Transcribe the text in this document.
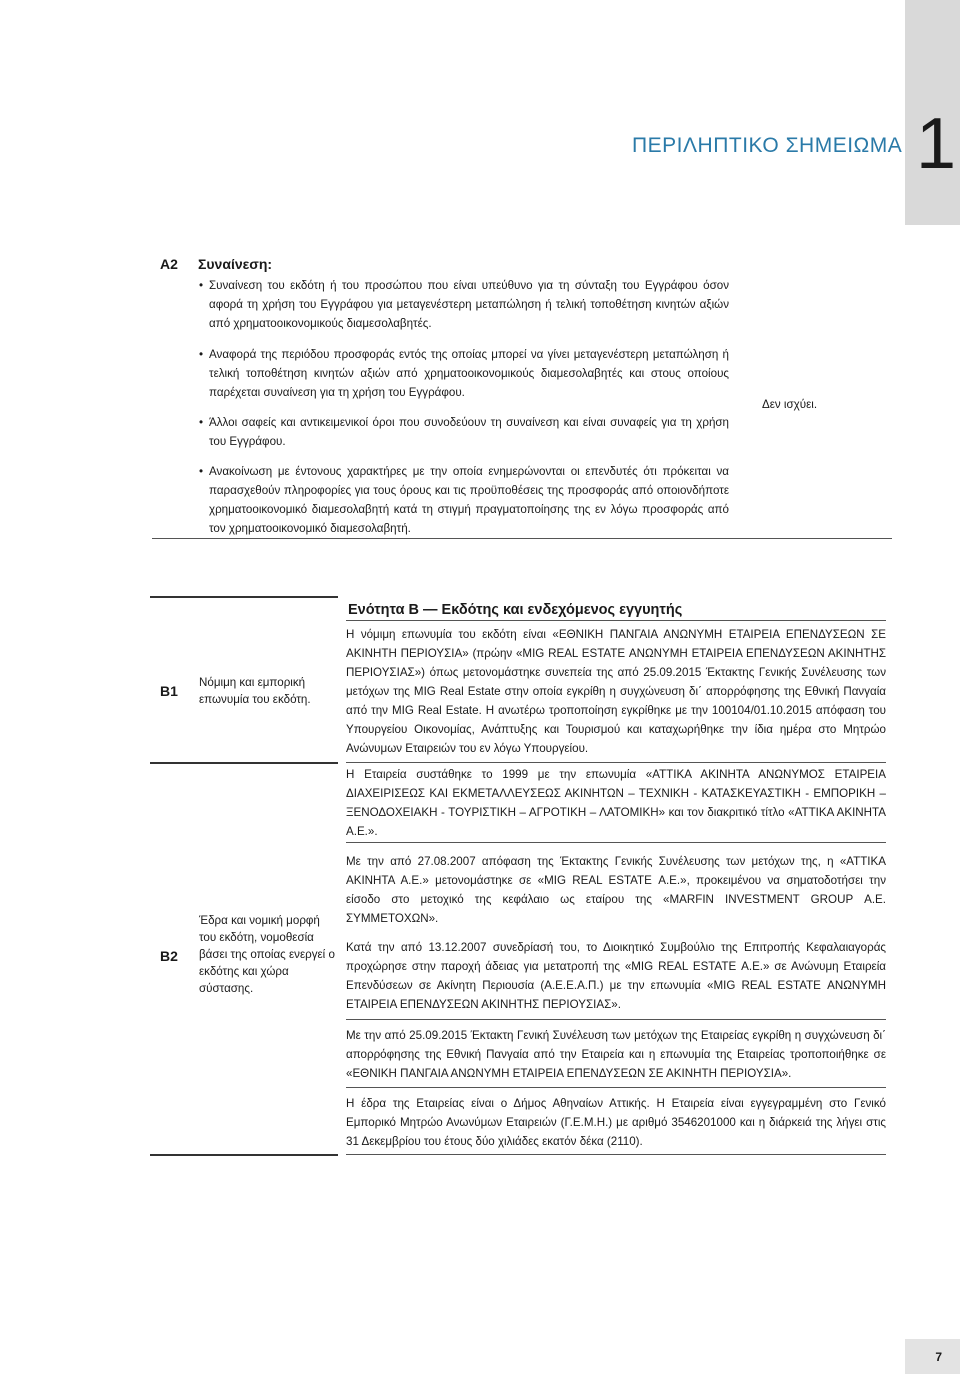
1
ΠΕΡΙΛΗΠΤΙΚΟ ΣΗΜΕΙΩΜΑ
Α2 Συναίνεση:

• Συναίνεση του εκδότη ή του προσώπου που είναι υπεύθυνο για τη σύνταξη του Εγγράφου όσον αφορά τη χρήση του Εγγράφου για μεταγενέστερη μεταπώληση ή τελική τοποθέτηση κινητών αξιών από χρηματοοικονομικούς διαμεσολαβητές.

• Αναφορά της περιόδου προσφοράς εντός της οποίας μπορεί να γίνει μεταγενέστερη μεταπώληση ή τελική τοποθέτηση κινητών αξιών από χρηματοοικονομικούς διαμεσολαβητές και στους οποίους παρέχεται συναίνεση για τη χρήση του Εγγράφου.

• Άλλοι σαφείς και αντικειμενικοί όροι που συνοδεύουν τη συναίνεση και είναι συναφείς για τη χρήση του Εγγράφου.

• Ανακοίνωση με έντονους χαρακτήρες με την οποία ενημερώνονται οι επενδυτές ότι πρόκειται να παρασχεθούν πληροφορίες για τους όρους και τις προϋποθέσεις της προσφοράς από οποιονδήποτε χρηματοοικονομικό διαμεσολαβητή κατά τη στιγμή πραγματοποίησης της εν λόγω προσφοράς από τον χρηματοοικονομικό διαμεσολαβητή.

Δεν ισχύει.
Ενότητα Β — Εκδότης και ενδεχόμενος εγγυητής
Β1
Νόμιμη και εμπορική επωνυμία του εκδότη.

Η νόμιμη επωνυμία του εκδότη είναι «ΕΘΝΙΚΗ ΠΑΝΓΑΙΑ ΑΝΩΝΥΜΗ ΕΤΑΙΡΕΙΑ ΕΠΕΝΔΥΣΕΩΝ ΣΕ ΑΚΙΝΗΤΗ ΠΕΡΙΟΥΣΙΑ» (πρώην «MIG REAL ESTATE ΑΝΩΝΥΜΗ ΕΤΑΙΡΕΙΑ ΕΠΕΝΔΥΣΕΩΝ ΑΚΙΝΗΤΗΣ ΠΕΡΙΟΥΣΙΑΣ») όπως μετονομάστηκε συνεπεία της από 25.09.2015 Έκτακτης Γενικής Συνέλευσης των μετόχων της MIG Real Estate στην οποία εγκρίθη η συγχώνευση δι΄ απορρόφησης της Εθνική Πανγαία από την MIG Real Estate. Η ανωτέρω τροποποίηση εγκρίθηκε με την 100104/01.10.2015 απόφαση του Υπουργείου Οικονομίας, Ανάπτυξης και Τουρισμού και καταχωρήθηκε την ίδια ημέρα στο Μητρώο Ανώνυμων Εταιρειών του εν λόγω Υπουργείου.

Β2
Έδρα και νομική μορφή του εκδότη, νομοθεσία βάσει της οποίας ενεργεί ο εκδότης και χώρα σύστασης.

Η Εταιρεία συστάθηκε το 1999 με την επωνυμία «ΑΤΤΙΚΑ ΑΚΙΝΗΤΑ ΑΝΩΝΥΜΟΣ ΕΤΑΙΡΕΙΑ ΔΙΑΧΕΙΡΙΣΕΩΣ ΚΑΙ ΕΚΜΕΤΑΛΛΕΥΣΕΩΣ ΑΚΙΝΗΤΩΝ – ΤΕΧΝΙΚΗ - ΚΑΤΑΣΚΕΥΑΣΤΙΚΗ - ΕΜΠΟΡΙΚΗ – ΞΕΝΟΔΟΧΕΙΑΚΗ - ΤΟΥΡΙΣΤΙΚΗ – ΑΓΡΟΤΙΚΗ – ΛΑΤΟΜΙΚΗ» και τον διακριτικό τίτλο «ΑΤΤΙΚΑ ΑΚΙΝΗΤΑ Α.Ε.».

Με την από 27.08.2007 απόφαση της Έκτακτης Γενικής Συνέλευσης των μετόχων της, η «ΑΤΤΙΚΑ ΑΚΙΝΗΤΑ Α.Ε.» μετονομάστηκε σε «MIG REAL ESTATE Α.Ε.», προκειμένου να σηματοδοτήσει την είσοδο στο μετοχικό της κεφάλαιο ως εταίρου της «MARFIN INVESTMENT GROUP Α.Ε. ΣΥΜΜΕΤΟΧΩΝ».

Κατά την από 13.12.2007 συνεδρίασή του, το Διοικητικό Συμβούλιο της Επιτροπής Κεφαλαιαγοράς προχώρησε στην παροχή άδειας για μετατροπή της «MIG REAL ESTATE Α.Ε.» σε Ανώνυμη Εταιρεία Επενδύσεων σε Ακίνητη Περιουσία (Α.Ε.Ε.Α.Π.) με την επωνυμία «MIG REAL ESTATE ΑΝΩΝΥΜΗ ΕΤΑΙΡΕΙΑ ΕΠΕΝΔΥΣΕΩΝ ΑΚΙΝΗΤΗΣ ΠΕΡΙΟΥΣΙΑΣ».

Με την από 25.09.2015 Έκτακτη Γενική Συνέλευση των μετόχων της Εταιρείας εγκρίθη η συγχώνευση δι΄ απορρόφησης της Εθνική Πανγαία από την Εταιρεία και η επωνυμία της Εταιρείας τροποποιήθηκε σε «ΕΘΝΙΚΗ ΠΑΝΓΑΙΑ ΑΝΩΝΥΜΗ ΕΤΑΙΡΕΙΑ ΕΠΕΝΔΥΣΕΩΝ ΣΕ ΑΚΙΝΗΤΗ ΠΕΡΙΟΥΣΙΑ».

Η έδρα της Εταιρείας είναι ο Δήμος Αθηναίων Αττικής. Η Εταιρεία είναι εγγεγραμμένη στο Γενικό Εμπορικό Μητρώο Ανωνύμων Εταιρειών (Γ.Ε.Μ.Η.) με αριθμό 3546201000 και η διάρκειά της λήγει στις 31 Δεκεμβρίου του έτους δύο χιλιάδες εκατόν δέκα (2110).

7
